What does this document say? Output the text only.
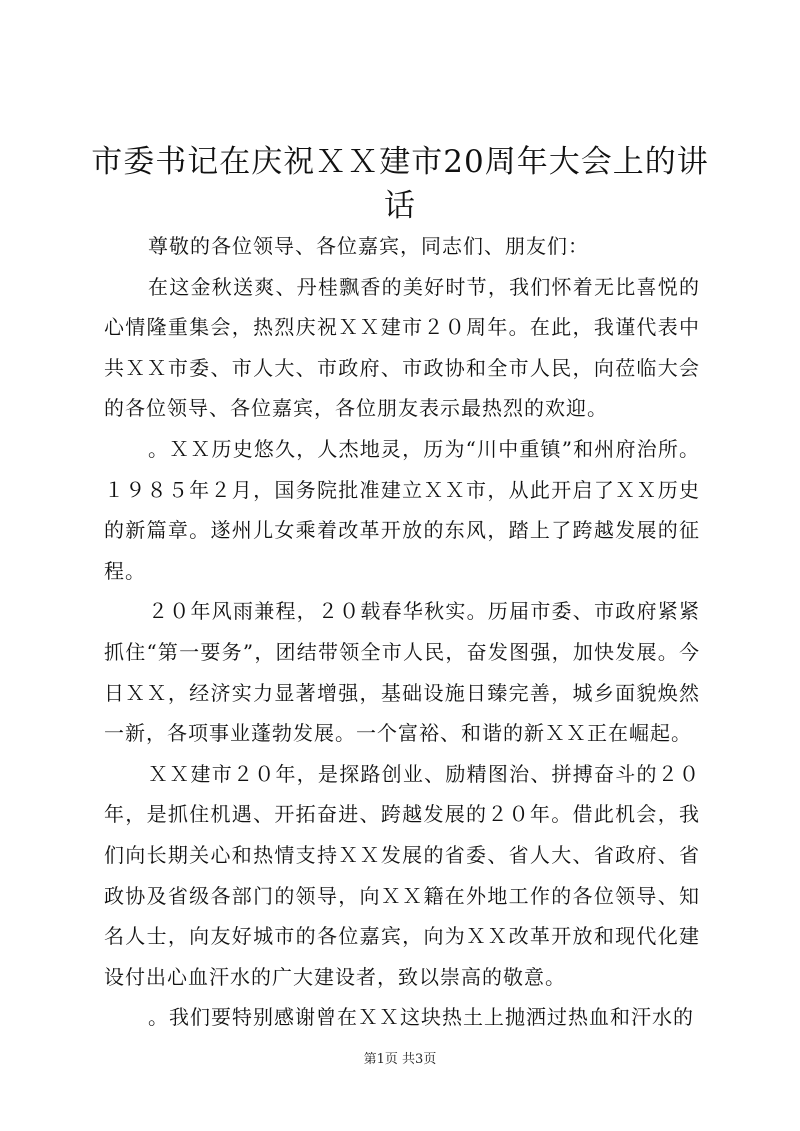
市委书记在庆祝ＸＸ建市20周年大会上的讲话

尊敬的各位领导、各位嘉宾，同志们、朋友们：

在这金秋送爽、丹桂飘香的美好时节，我们怀着无比喜悦的心情隆重集会，热烈庆祝ＸＸ建市２０周年。在此，我谨代表中共ＸＸ市委、市人大、市政府、市政协和全市人民，向莅临大会的各位领导、各位嘉宾，各位朋友表示最热烈的欢迎。

。ＸＸ历史悠久，人杰地灵，历为“川中重镇”和州府治所。１９８５年２月，国务院批准建立ＸＸ市，从此开启了ＸＸ历史的新篇章。遂州儿女乘着改革开放的东风，踏上了跨越发展的征程。

２０年风雨兼程，２０载春华秋实。历届市委、市政府紧紧抓住“第一要务”，团结带领全市人民，奋发图强，加快发展。今日ＸＸ，经济实力显著增强，基础设施日臻完善，城乡面貌焕然一新，各项事业蓬勃发展。一个富裕、和谐的新ＸＸ正在崛起。

ＸＸ建市２０年，是探路创业、励精图治、拼搏奋斗的２０年，是抓住机遇、开拓奋进、跨越发展的２０年。借此机会，我们向长期关心和热情支持ＸＸ发展的省委、省人大、省政府、省政协及省级各部门的领导，向ＸＸ籍在外地工作的各位领导、知名人士，向友好城市的各位嘉宾，向为ＸＸ改革开放和现代化建设付出心血汗水的广大建设者，致以崇高的敬意。

。我们要特别感谢曾在ＸＸ这块热土上抛洒过热血和汗水的

第1页 共3页
